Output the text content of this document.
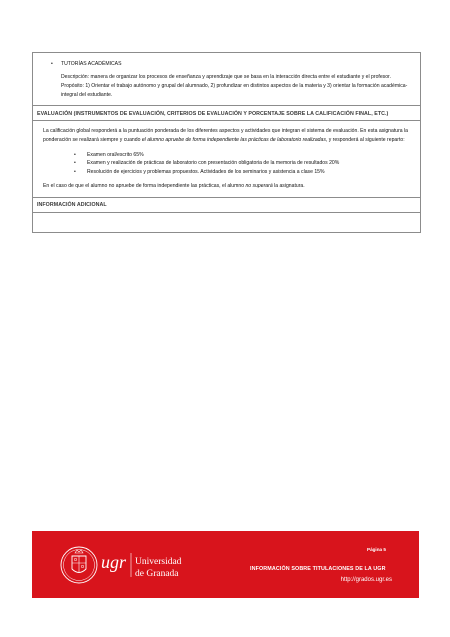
•	TUTORÍAS ACADÉMICAS
Descripción: manera de organizar los procesos de enseñanza y aprendizaje que se basa en la interacción directa entre el estudiante y el profesor. Propósito: 1) Orientar el trabajo autónomo y grupal del alumnado, 2) profundizar en distintos aspectos de la materia y 3) orientar la formación académica-integral del estudiante.
EVALUACIÓN (INSTRUMENTOS DE EVALUACIÓN, CRITERIOS DE EVALUACIÓN Y PORCENTAJE SOBRE LA CALIFICACIÓN FINAL, ETC.)

La calificación global responderá a la puntuación ponderada de los diferentes aspectos y actividades que integran el sistema de evaluación. En esta asignatura la ponderación se realizará siempre y cuando el alumno apruebe de forma independiente las prácticas de laboratorio realizadas, y responderá al siguiente reparto:

• Examen oral/escrito 65%
• Examen y realización de prácticas de laboratorio con presentación obligatoria de la memoria de resultados 20%
• Resolución de ejercicios y problemas propuestos. Actividades de los seminarios y asistencia a clase 15%

En el caso de que el alumno no apruebe de forma independiente las prácticas, el alumno no superará la asignatura.

INFORMACIÓN ADICIONAL
ugr Universidad
de Granada
Página 5
INFORMACIÓN SOBRE TITULACIONES DE LA UGR
http://grados.ugr.es
